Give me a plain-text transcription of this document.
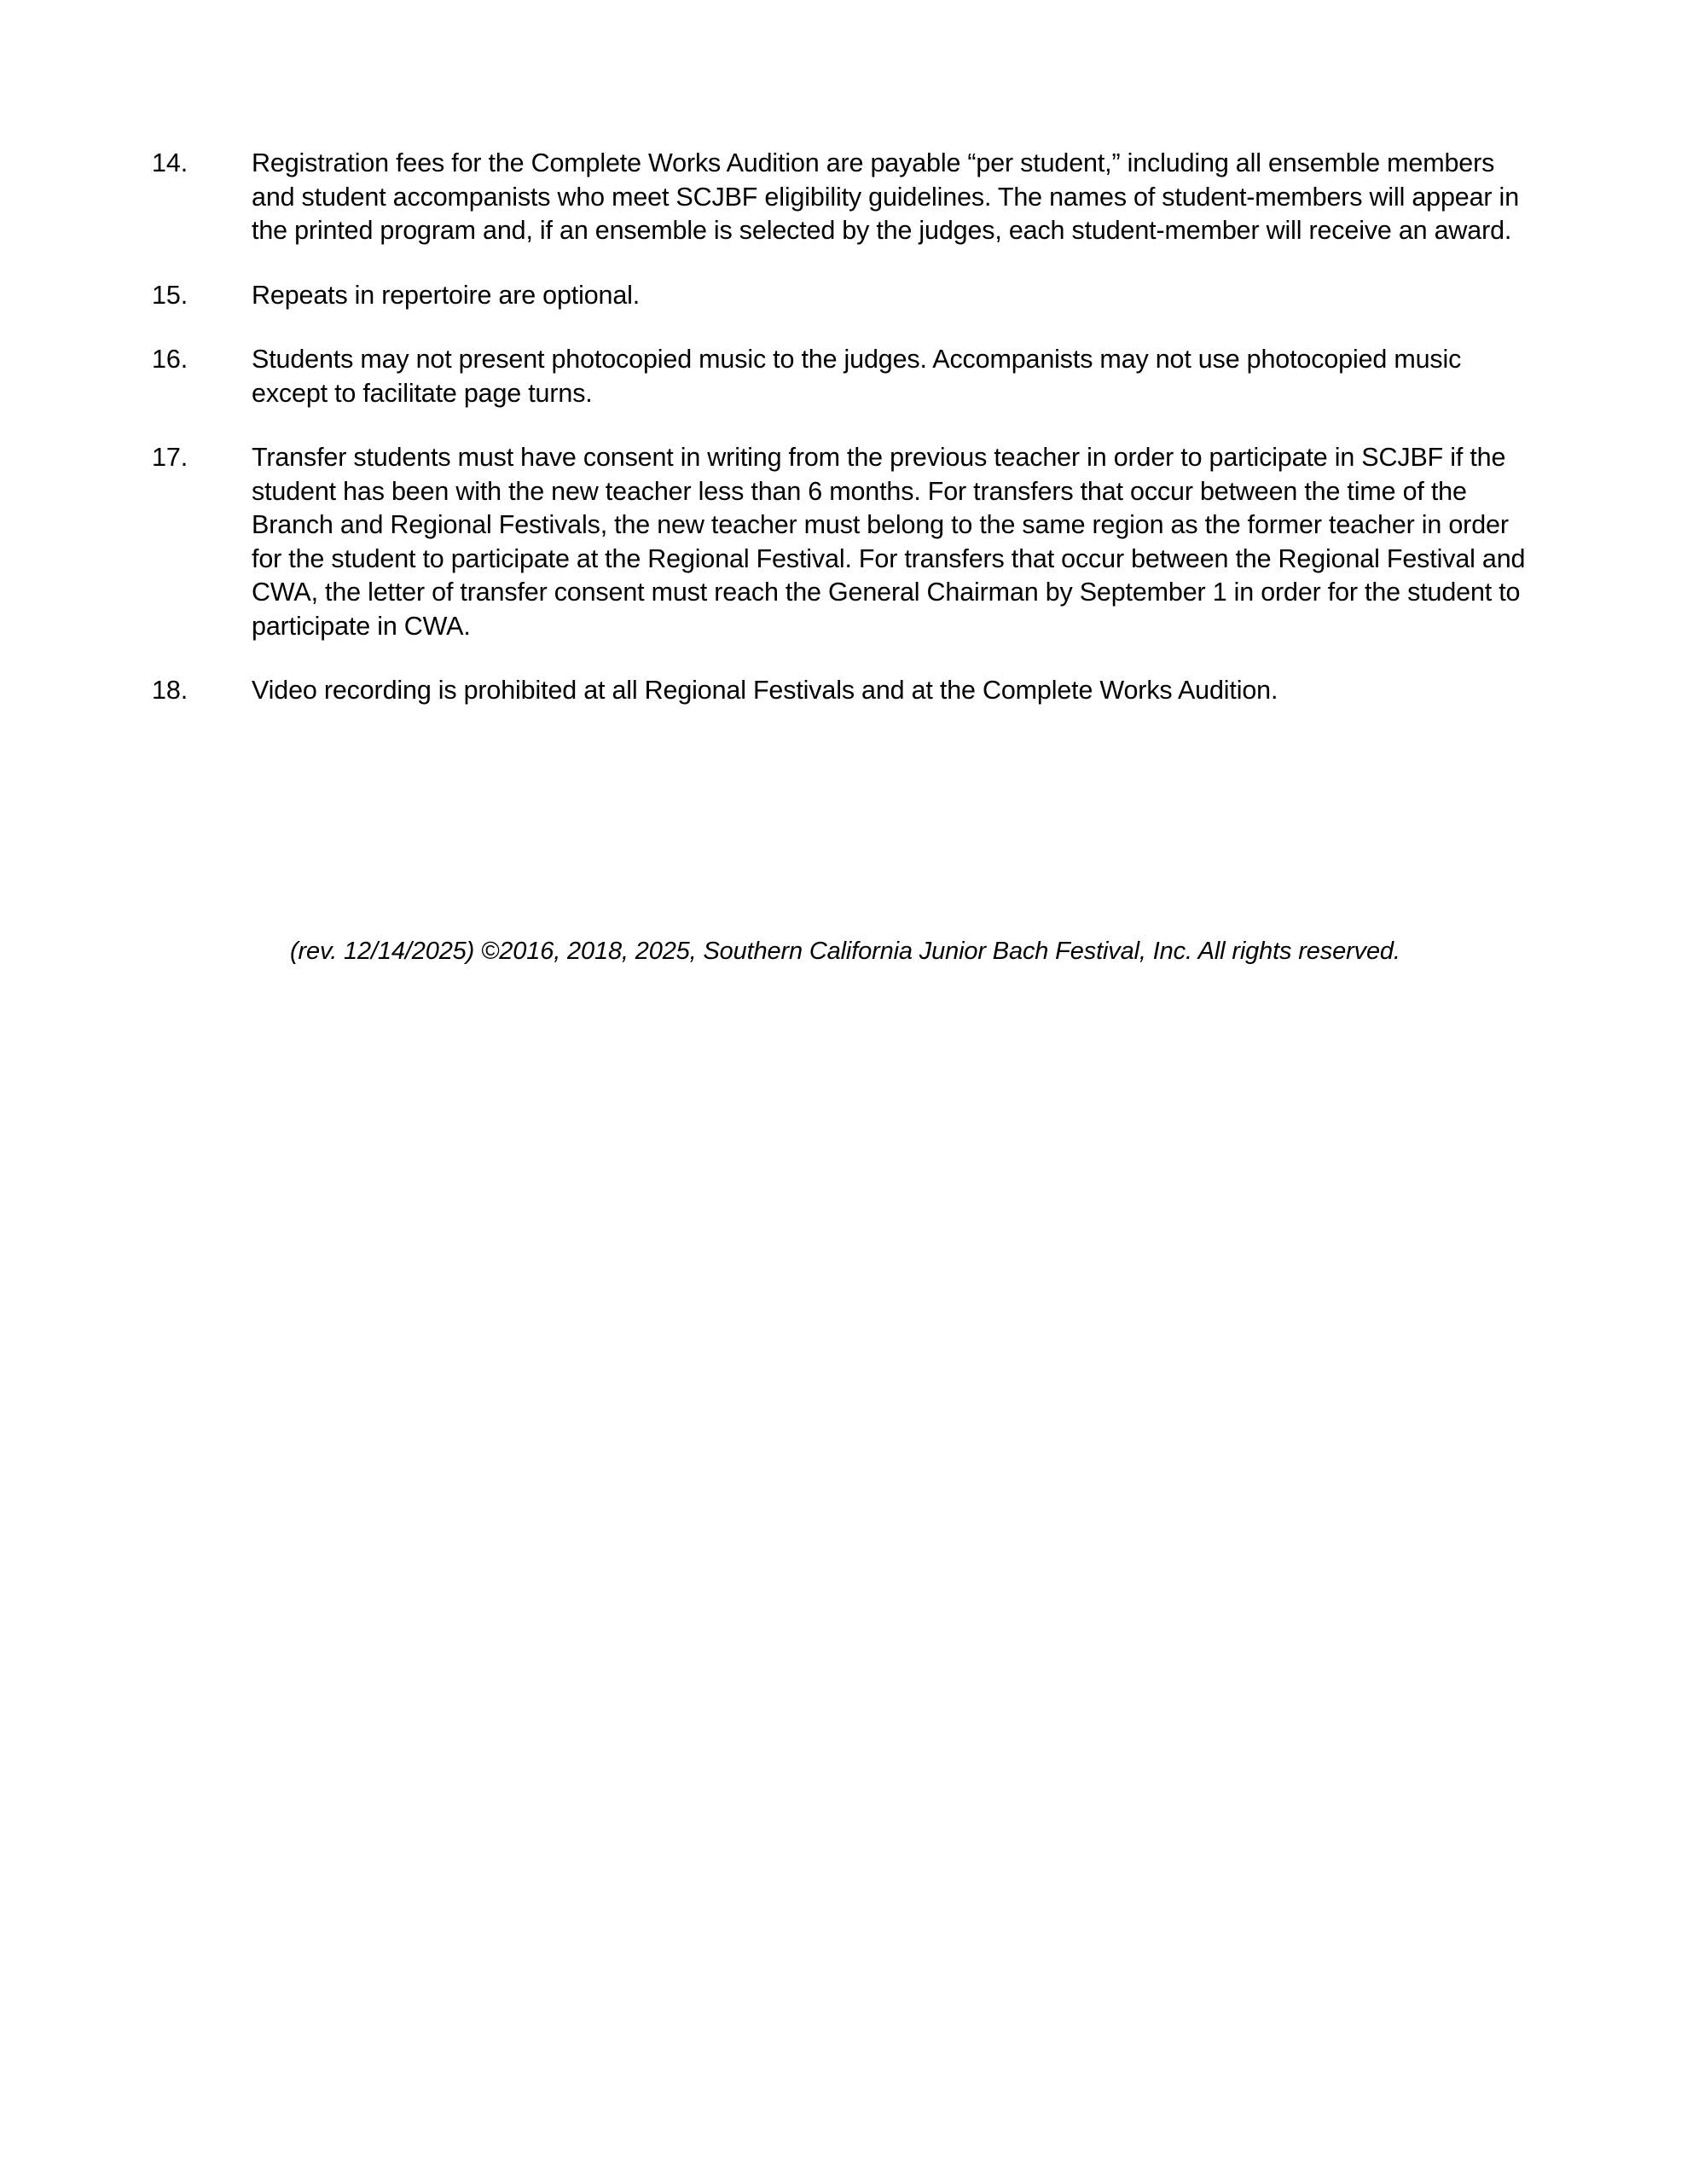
14.	Registration fees for the Complete Works Audition are payable “per student,” including all ensemble members and student accompanists who meet SCJBF eligibility guidelines. The names of student-members will appear in the printed program and, if an ensemble is selected by the judges, each student-member will receive an award.
15.	Repeats in repertoire are optional.
16.	Students may not present photocopied music to the judges. Accompanists may not use photocopied music except to facilitate page turns.
17.	Transfer students must have consent in writing from the previous teacher in order to participate in SCJBF if the student has been with the new teacher less than 6 months. For transfers that occur between the time of the Branch and Regional Festivals, the new teacher must belong to the same region as the former teacher in order for the student to participate at the Regional Festival. For transfers that occur between the Regional Festival and CWA, the letter of transfer consent must reach the General Chairman by September 1 in order for the student to participate in CWA.
18.	Video recording is prohibited at all Regional Festivals and at the Complete Works Audition.
(rev. 12/14/2025) ©2016, 2018, 2025, Southern California Junior Bach Festival, Inc. All rights reserved.
